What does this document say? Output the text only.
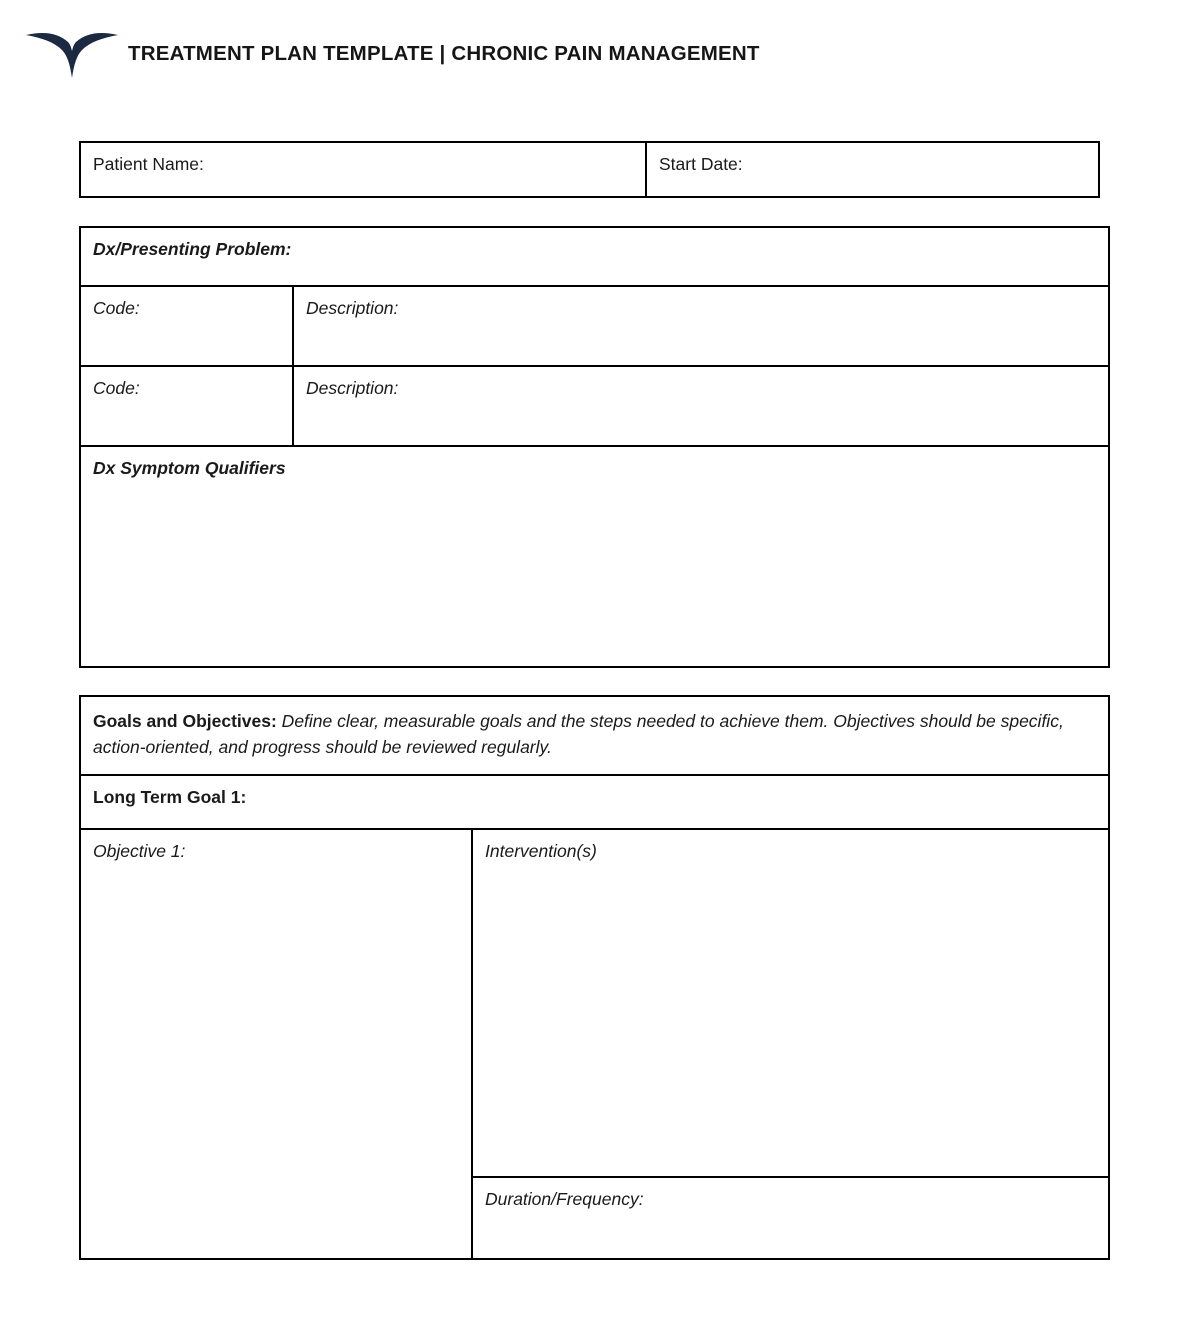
TREATMENT PLAN TEMPLATE | CHRONIC PAIN MANAGEMENT
Patient Name:	Start Date:
Dx/Presenting Problem:	
Code:	Description:
Code:	Description:
Dx Symptom Qualifiers	
Goals and Objectives: Define clear, measurable goals and the steps needed to achieve them. Objectives should be specific, action-oriented, and progress should be reviewed regularly.
Long Term Goal 1:
Objective 1:	Intervention(s)
Duration/Frequency:
